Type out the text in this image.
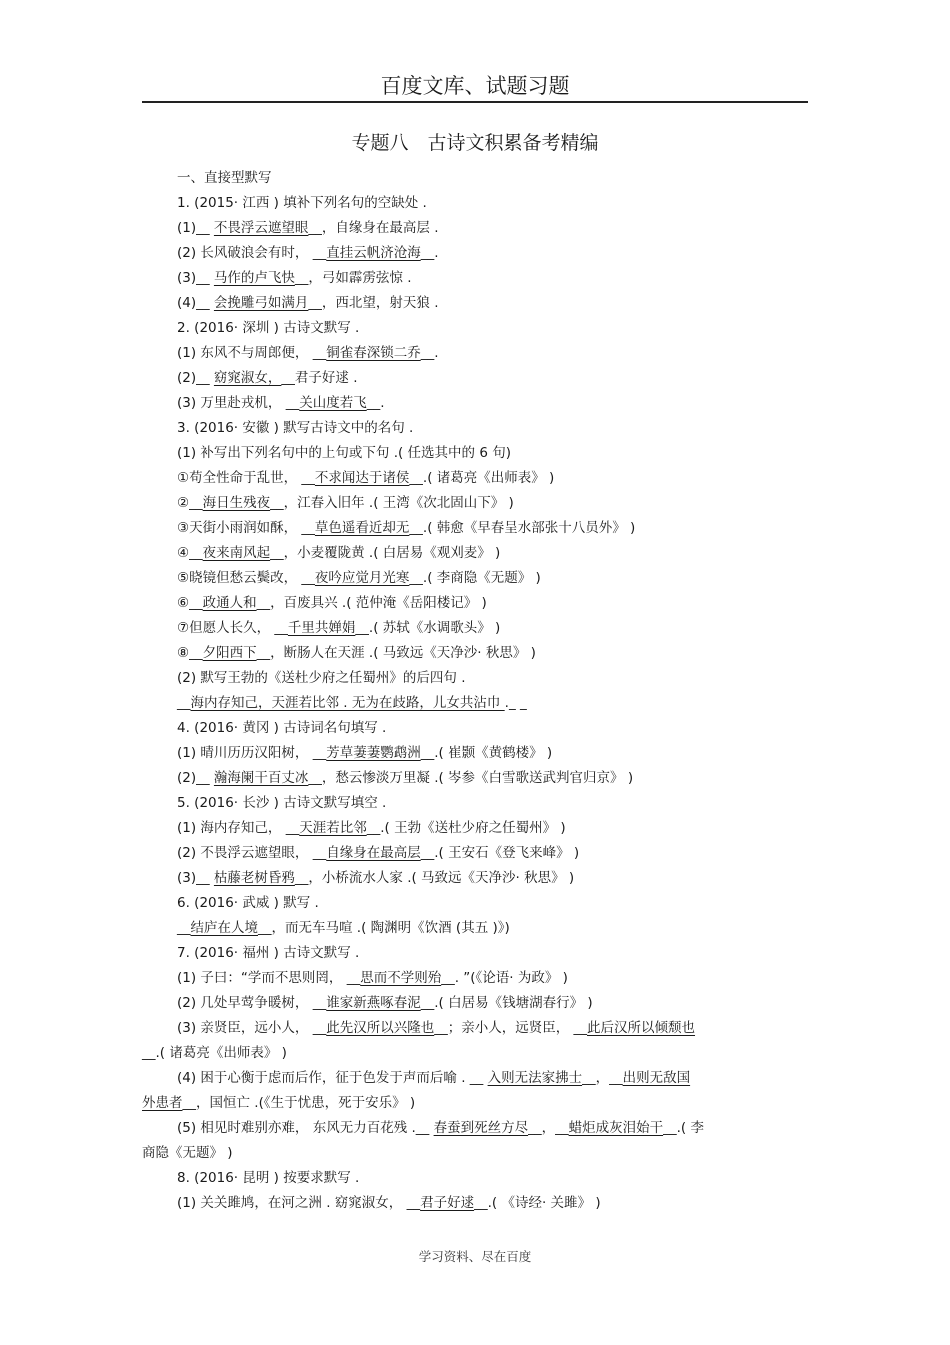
百度文库、试题习题
专题八　古诗文积累备考精编
一、直接型默写
1. (2015· 江西 ) 填补下列名句的空缺处 .
(1)__ 不畏浮云遮望眼__，自缘身在最高层 .
(2) 长风破浪会有时， __直挂云帆济沧海__.
(3)__ 马作的卢飞快__，弓如霹雳弦惊 .
(4)__ 会挽雕弓如满月__，西北望，射天狼 .
2. (2016· 深圳 ) 古诗文默写 .
(1) 东风不与周郎便， __铜雀春深锁二乔__.
(2)__ 窈窕淑女，__君子好逑 .
(3) 万里赴戎机， __关山度若飞__.
3. (2016· 安徽 ) 默写古诗文中的名句 .
(1) 补写出下列名句中的上句或下句 .( 任选其中的 6 句)
①苟全性命于乱世， __不求闻达于诸侯__.( 诸葛亮《出师表》 )
②__海日生残夜__，江春入旧年 .( 王湾《次北固山下》 )
③天街小雨润如酥， __草色遥看近却无__.( 韩愈《早春呈水部张十八员外》 )
④__夜来南风起__，小麦覆陇黄 .( 白居易《观刈麦》 )
⑤晓镜但愁云鬓改， __夜吟应觉月光寒__.( 李商隐《无题》 )
⑥__政通人和__，百废具兴 .( 范仲淹《岳阳楼记》 )
⑦但愿人长久， __千里共婵娟__.( 苏轼《水调歌头》 )
⑧__夕阳西下__，断肠人在天涯 .( 马致远《天净沙· 秋思》 )
(2) 默写王勃的《送杜少府之任蜀州》的后四句 .
__海内存知己，天涯若比邻 . 无为在歧路，儿女共沾巾 ._ _
4. (2016· 黄冈 ) 古诗词名句填写 .
(1) 晴川历历汉阳树， __芳草萋萋鹦鹉洲__.( 崔颢《黄鹤楼》 )
(2)__ 瀚海阑干百丈冰__，愁云惨淡万里凝 .( 岑参《白雪歌送武判官归京》 )
5. (2016· 长沙 ) 古诗文默写填空 .
(1) 海内存知己， __天涯若比邻__.( 王勃《送杜少府之任蜀州》 )
(2) 不畏浮云遮望眼， __自缘身在最高层__.( 王安石《登飞来峰》 )
(3)__ 枯藤老树昏鸦__，小桥流水人家 .( 马致远《天净沙· 秋思》 )
6. (2016· 武威 ) 默写 .
__结庐在人境__，而无车马喧 .( 陶渊明《饮酒 (其五 )》)
7. (2016· 福州 ) 古诗文默写 .
(1) 子曰：“学而不思则罔， __思而不学则殆__. ”(《论语· 为政》 )
(2) 几处早莺争暖树， __谁家新燕啄春泥__.( 白居易《钱塘湖春行》 )
(3) 亲贤臣，远小人， __此先汉所以兴隆也__；亲小人，远贤臣， __此后汉所以倾颓也
__.( 诸葛亮《出师表》 )
(4) 困于心衡于虑而后作，征于色发于声而后喻 . __ 入则无法家拂士__，__出则无敌国
外患者__，国恒亡 .(《生于忧患，死于安乐》 )
(5) 相见时难别亦难， 东风无力百花残 .__ 春蚕到死丝方尽__，__蜡炬成灰泪始干__.( 李
商隐《无题》 )
8. (2016· 昆明 ) 按要求默写 .
(1) 关关雎鸠，在河之洲 . 窈窕淑女， __君子好逑__.( 《诗经· 关雎》 )
学习资料、尽在百度
